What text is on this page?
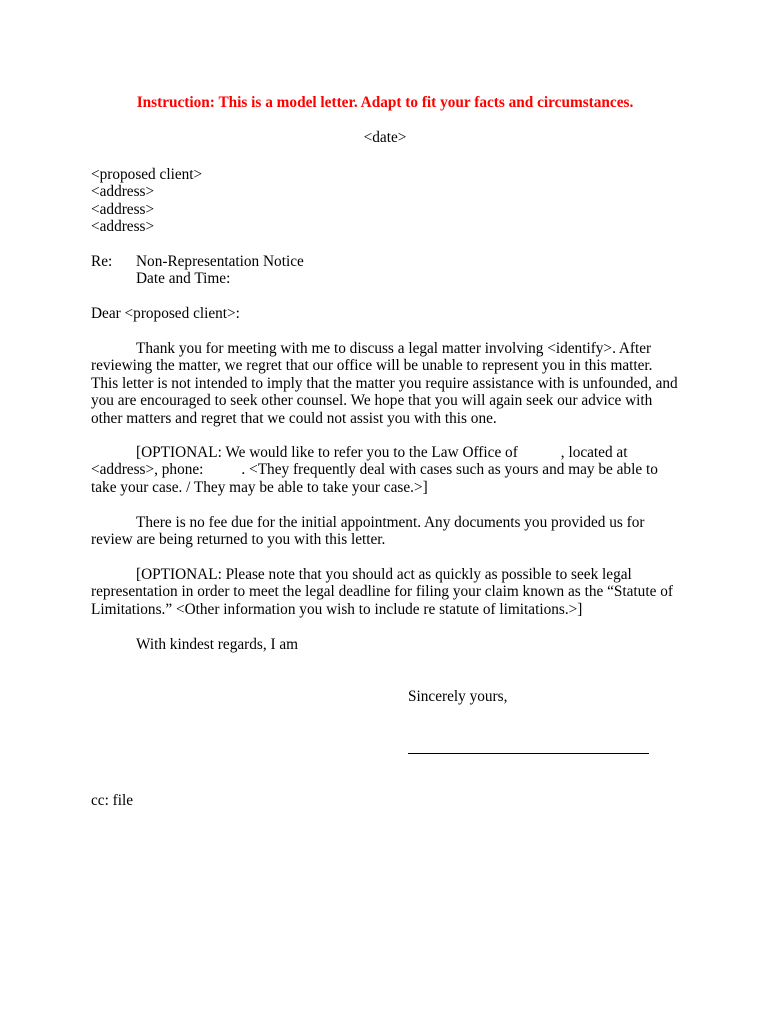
Instruction: This is a model letter. Adapt to fit your facts and circumstances.
<date>
<proposed client>
<address>
<address>
<address>
Re: Non-Representation Notice
Date and Time:
Dear <proposed client>:
Thank you for meeting with me to discuss a legal matter involving <identify>. After
reviewing the matter, we regret that our office will be unable to represent you in this matter.
This letter is not intended to imply that the matter you require assistance with is unfounded, and
you are encouraged to seek other counsel. We hope that you will again seek our advice with
other matters and regret that we could not assist you with this one.
[OPTIONAL: We would like to refer you to the Law Office of	, located at
<address>, phone: . <They frequently deal with cases such as yours and may be able to
take your case. / They may be able to take your case.>]
There is no fee due for the initial appointment. Any documents you provided us for
review are being returned to you with this letter.
[OPTIONAL: Please note that you should act as quickly as possible to seek legal
representation in order to meet the legal deadline for filing your claim known as the “Statute of
Limitations.” <Other information you wish to include re statute of limitations.>]
With kindest regards, I am
Sincerely yours,
cc: file
